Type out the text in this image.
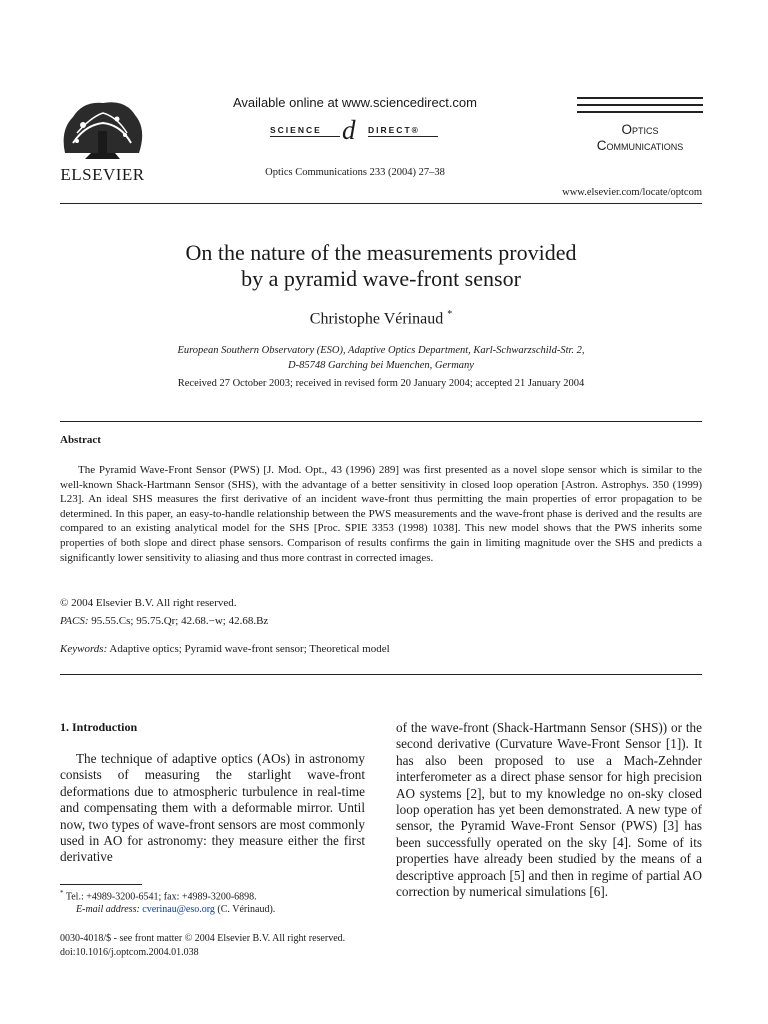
ELSEVIER
Available online at www.sciencedirect.com
SCIENCE d DIRECT®
Optics Communications 233 (2004) 27–38
Optics
Communications
www.elsevier.com/locate/optcom
On the nature of the measurements provided
by a pyramid wave-front sensor
Christophe Vérinaud *
European Southern Observatory (ESO), Adaptive Optics Department, Karl-Schwarzschild-Str. 2,
D-85748 Garching bei Muenchen, Germany
Received 27 October 2003; received in revised form 20 January 2004; accepted 21 January 2004
Abstract
The Pyramid Wave-Front Sensor (PWS) [J. Mod. Opt., 43 (1996) 289] was first presented as a novel slope sensor which is similar to the well-known Shack-Hartmann Sensor (SHS), with the advantage of a better sensitivity in closed loop operation [Astron. Astrophys. 350 (1999) L23]. An ideal SHS measures the first derivative of an incident wave-front thus permitting the main properties of error propagation to be determined. In this paper, an easy-to-handle relationship between the PWS measurements and the wave-front phase is derived and the results are compared to an existing analytical model for the SHS [Proc. SPIE 3353 (1998) 1038]. This new model shows that the PWS inherits some properties of both slope and direct phase sensors. Comparison of results confirms the gain in limiting magnitude over the SHS and predicts a significantly lower sensitivity to aliasing and thus more contrast in corrected images.
© 2004 Elsevier B.V. All right reserved.
PACS: 95.55.Cs; 95.75.Qr; 42.68.−w; 42.68.Bz
Keywords: Adaptive optics; Pyramid wave-front sensor; Theoretical model
1. Introduction
The technique of adaptive optics (AOs) in astronomy consists of measuring the starlight wave-front deformations due to atmospheric turbulence in real-time and compensating them with a deformable mirror. Until now, two types of wave-front sensors are most commonly used in AO for astronomy: they measure either the first derivative
of the wave-front (Shack-Hartmann Sensor (SHS)) or the second derivative (Curvature Wave-Front Sensor [1]). It has also been proposed to use a Mach-Zehnder interferometer as a direct phase sensor for high precision AO systems [2], but to my knowledge no on-sky closed loop operation has yet been demonstrated. A new type of sensor, the Pyramid Wave-Front Sensor (PWS) [3] has been successfully operated on the sky [4]. Some of its properties have already been studied by the means of a descriptive approach [5] and then in regime of partial AO correction by numerical simulations [6].
* Tel.: +4989-3200-6541; fax: +4989-3200-6898.
E-mail address: cverinau@eso.org (C. Vérinaud).
0030-4018/$ - see front matter © 2004 Elsevier B.V. All right reserved.
doi:10.1016/j.optcom.2004.01.038
